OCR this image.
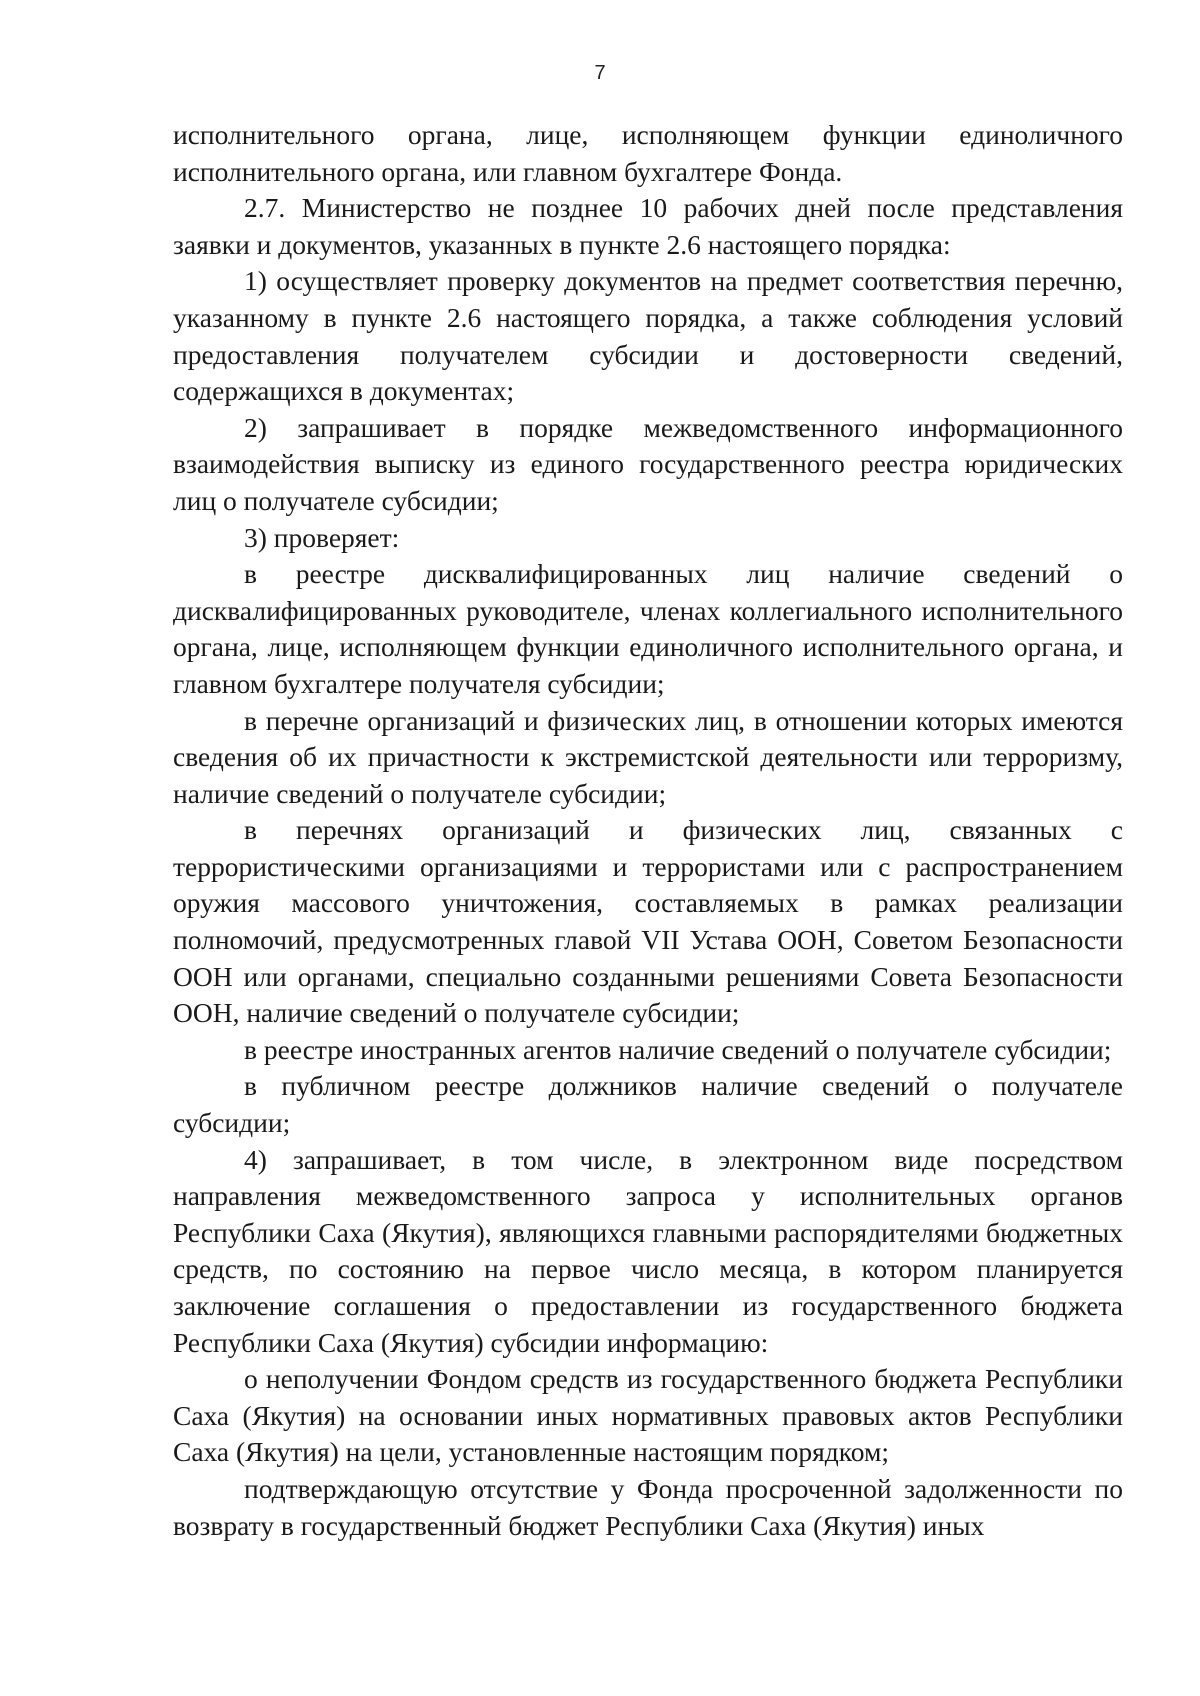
7

исполнительного органа, лице, исполняющем функции единоличного исполнительного органа, или главном бухгалтере Фонда.

2.7. Министерство не позднее 10 рабочих дней после представления заявки и документов, указанных в пункте 2.6 настоящего порядка:

1) осуществляет проверку документов на предмет соответствия перечню, указанному в пункте 2.6 настоящего порядка, а также соблюдения условий предоставления получателем субсидии и достоверности сведений, содержащихся в документах;

2) запрашивает в порядке межведомственного информационного взаимодействия выписку из единого государственного реестра юридических лиц о получателе субсидии;

3) проверяет:

в реестре дисквалифицированных лиц наличие сведений о дисквалифицированных руководителе, членах коллегиального исполнительного органа, лице, исполняющем функции единоличного исполнительного органа, и главном бухгалтере получателя субсидии;

в перечне организаций и физических лиц, в отношении которых имеются сведения об их причастности к экстремистской деятельности или терроризму, наличие сведений о получателе субсидии;

в перечнях организаций и физических лиц, связанных с террористическими организациями и террористами или с распространением оружия массового уничтожения, составляемых в рамках реализации полномочий, предусмотренных главой VII Устава ООН, Советом Безопасности ООН или органами, специально созданными решениями Совета Безопасности ООН, наличие сведений о получателе субсидии;

в реестре иностранных агентов наличие сведений о получателе субсидии;

в публичном реестре должников наличие сведений о получателе субсидии;

4) запрашивает, в том числе, в электронном виде посредством направления межведомственного запроса у исполнительных органов Республики Саха (Якутия), являющихся главными распорядителями бюджетных средств, по состоянию на первое число месяца, в котором планируется заключение соглашения о предоставлении из государственного бюджета Республики Саха (Якутия) субсидии информацию:

о неполучении Фондом средств из государственного бюджета Республики Саха (Якутия) на основании иных нормативных правовых актов Республики Саха (Якутия) на цели, установленные настоящим порядком;

подтверждающую отсутствие у Фонда просроченной задолженности по возврату в государственный бюджет Республики Саха (Якутия) иных
